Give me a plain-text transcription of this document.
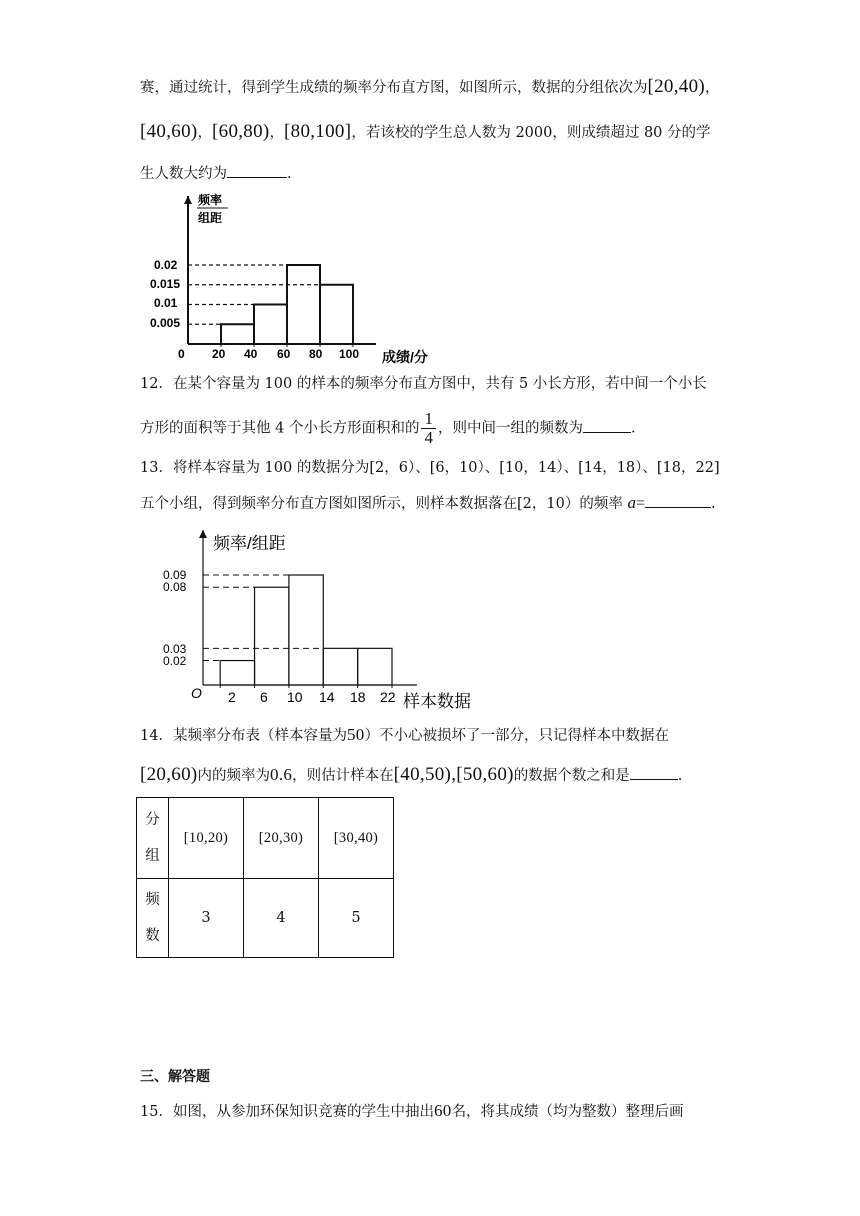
赛，通过统计，得到学生成绩的频率分布直方图，如图所示，数据的分组依次为[20,40)，
[40,60)，[60,80)，[80,100]，若该校的学生总人数为 2000，则成绩超过 80 分的学
生人数大约为	.
频率
组距
0
0.02
0.015
0.01
0.005
20 40 60 80 100 成绩/分
12．在某个容量为 100 的样本的频率分布直方图中，共有 5 小长方形，若中间一个小长
方形的面积等于其他 4 个小长方形面积和的 $\frac{1}{4}$ ，则中间一组的频数为	.
13．将样本容量为 100 的数据分为[2，6）、[6，10）、[10，14）、[14，18）、[18，22]
五个小组，得到频率分布直方图如图所示，则样本数据落在[2，10）的频率 a=	.
频率/组距
O
0.09
0.08
0.03
0.02
2 6 10 14 18 22 样本数据
14．某频率分布表（样本容量为50）不小心被损坏了一部分，只记得样本中数据在
[20,60)内的频率为0.6，则估计样本在[40,50),[50,60)的数据个数之和是	.
分
组	[10,20)	[20,30)	[30,40)

频
数	3	4	5
三、解答题
15．如图，从参加环保知识竞赛的学生中抽出60名，将其成绩（均为整数）整理后画
